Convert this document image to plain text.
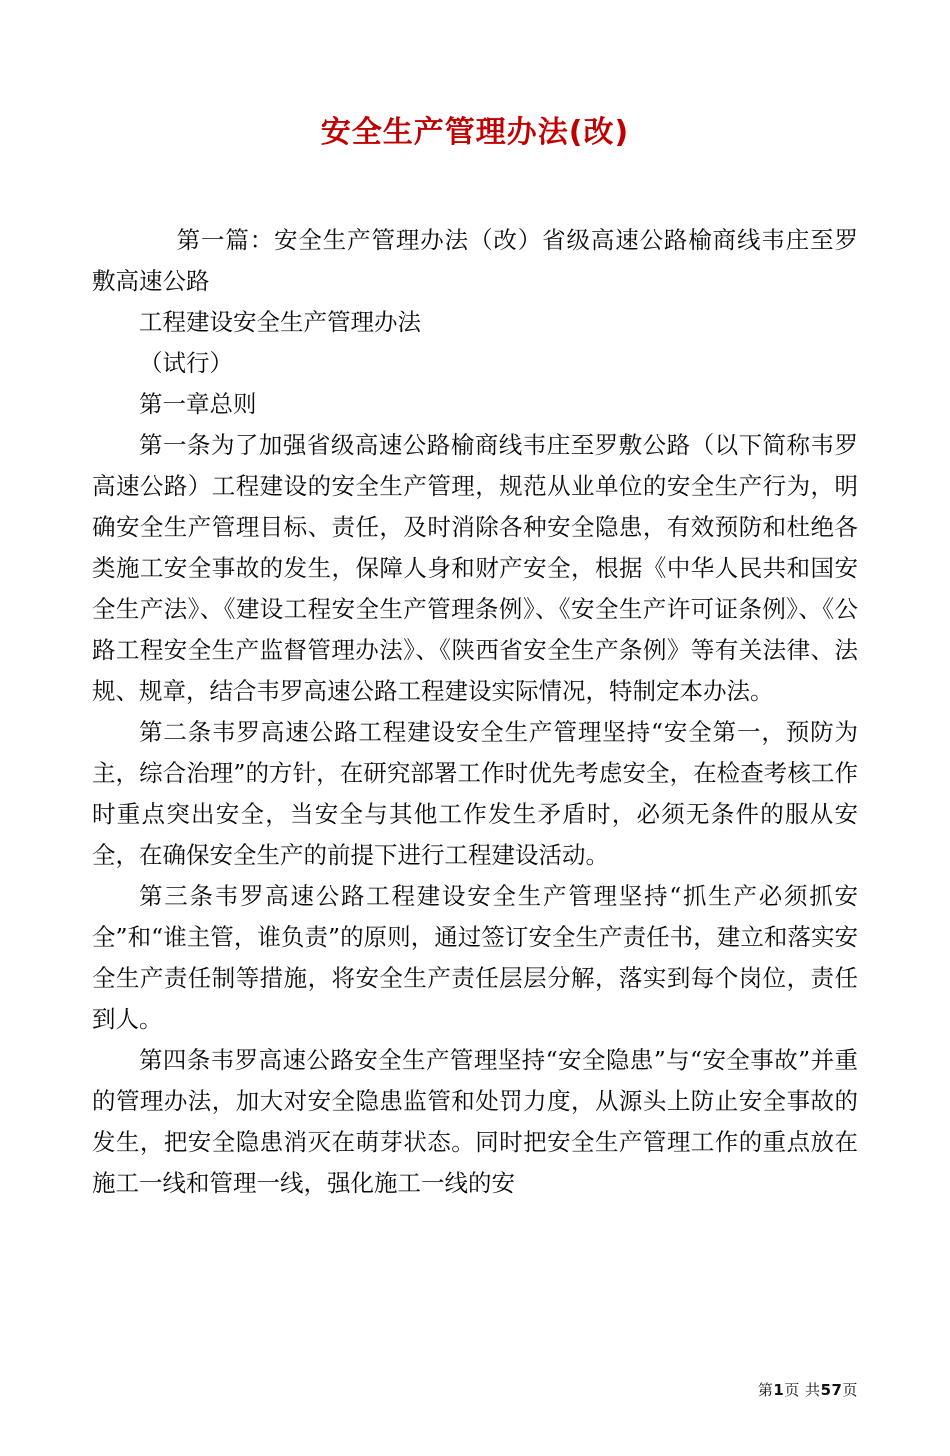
安全生产管理办法(改)

第一篇：安全生产管理办法（改）省级高速公路榆商线韦庄至罗敷高速公路

工程建设安全生产管理办法

（试行）

第一章总则

第一条为了加强省级高速公路榆商线韦庄至罗敷公路（以下简称韦罗高速公路）工程建设的安全生产管理，规范从业单位的安全生产行为，明确安全生产管理目标、责任，及时消除各种安全隐患，有效预防和杜绝各类施工安全事故的发生，保障人身和财产安全，根据《中华人民共和国安全生产法》、《建设工程安全生产管理条例》、《安全生产许可证条例》、《公路工程安全生产监督管理办法》、《陕西省安全生产条例》等有关法律、法规、规章，结合韦罗高速公路工程建设实际情况，特制定本办法。

第二条韦罗高速公路工程建设安全生产管理坚持“安全第一，预防为主，综合治理”的方针，在研究部署工作时优先考虑安全，在检查考核工作时重点突出安全，当安全与其他工作发生矛盾时，必须无条件的服从安全，在确保安全生产的前提下进行工程建设活动。

第三条韦罗高速公路工程建设安全生产管理坚持“抓生产必须抓安全”和“谁主管，谁负责”的原则，通过签订安全生产责任书，建立和落实安全生产责任制等措施，将安全生产责任层层分解，落实到每个岗位，责任到人。

第四条韦罗高速公路安全生产管理坚持“安全隐患”与“安全事故”并重的管理办法，加大对安全隐患监管和处罚力度，从源头上防止安全事故的发生，把安全隐患消灭在萌芽状态。同时把安全生产管理工作的重点放在施工一线和管理一线，强化施工一线的安

第1页 共57页
